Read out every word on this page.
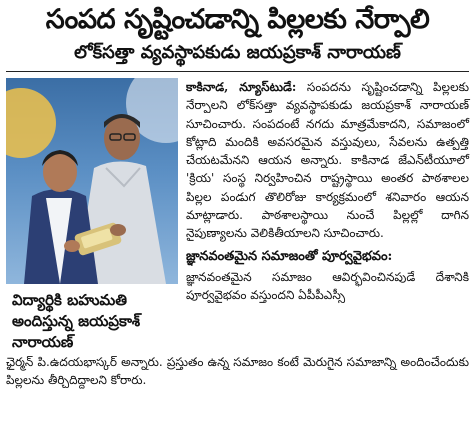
సంపద సృష్టించడాన్ని పిల్లలకు నేర్పాలి
లోక్‌సత్తా వ్యవస్థాపకుడు జయప్రకాశ్ నారాయణ్
విద్యార్థికి బహుమతి అందిస్తున్న జయప్రకాశ్ నారాయణ్

కాకినాడ, న్యూస్‌టుడే: సంపదను సృష్టించడాన్ని పిల్లలకు నేర్పాలని లోక్‌సత్తా వ్యవస్థాపకుడు జయప్రకాశ్ నారాయణ్ సూచించారు. సంపదంటే నగదు మాత్రమేకాదని, సమాజంలో కోట్లాది మందికి అవసరమైన వస్తువులు, సేవలను ఉత్పత్తి చేయటమేనని ఆయన అన్నారు. కాకినాడ జేఎన్‌టీయూలో 'క్రియ' సంస్థ నిర్వహించిన రాష్ట్రస్థాయి అంతర పాఠశాలల పిల్లల పండుగ తొలిరోజు కార్యక్రమంలో శనివారం ఆయన మాట్లాడారు. పాఠశాలస్థాయి నుంచే పిల్లల్లో దాగిన నైపుణ్యాలను వెలికితీయాలని సూచించారు.

జ్ఞానవంతమైన సమాజంతో పూర్వవైభవం:

జ్ఞానవంతమైన సమాజం ఆవిర్భవించినపుడే దేశానికి పూర్వవైభవం వస్తుందని ఏపీపీఎస్సీ

ఛైర్మన్ పి.ఉదయభాస్కర్ అన్నారు. ప్రస్తుతం ఉన్న సమాజం కంటే మెరుగైన సమాజాన్ని అందించేందుకు పిల్లలను తీర్చిదిద్దాలని కోరారు.
